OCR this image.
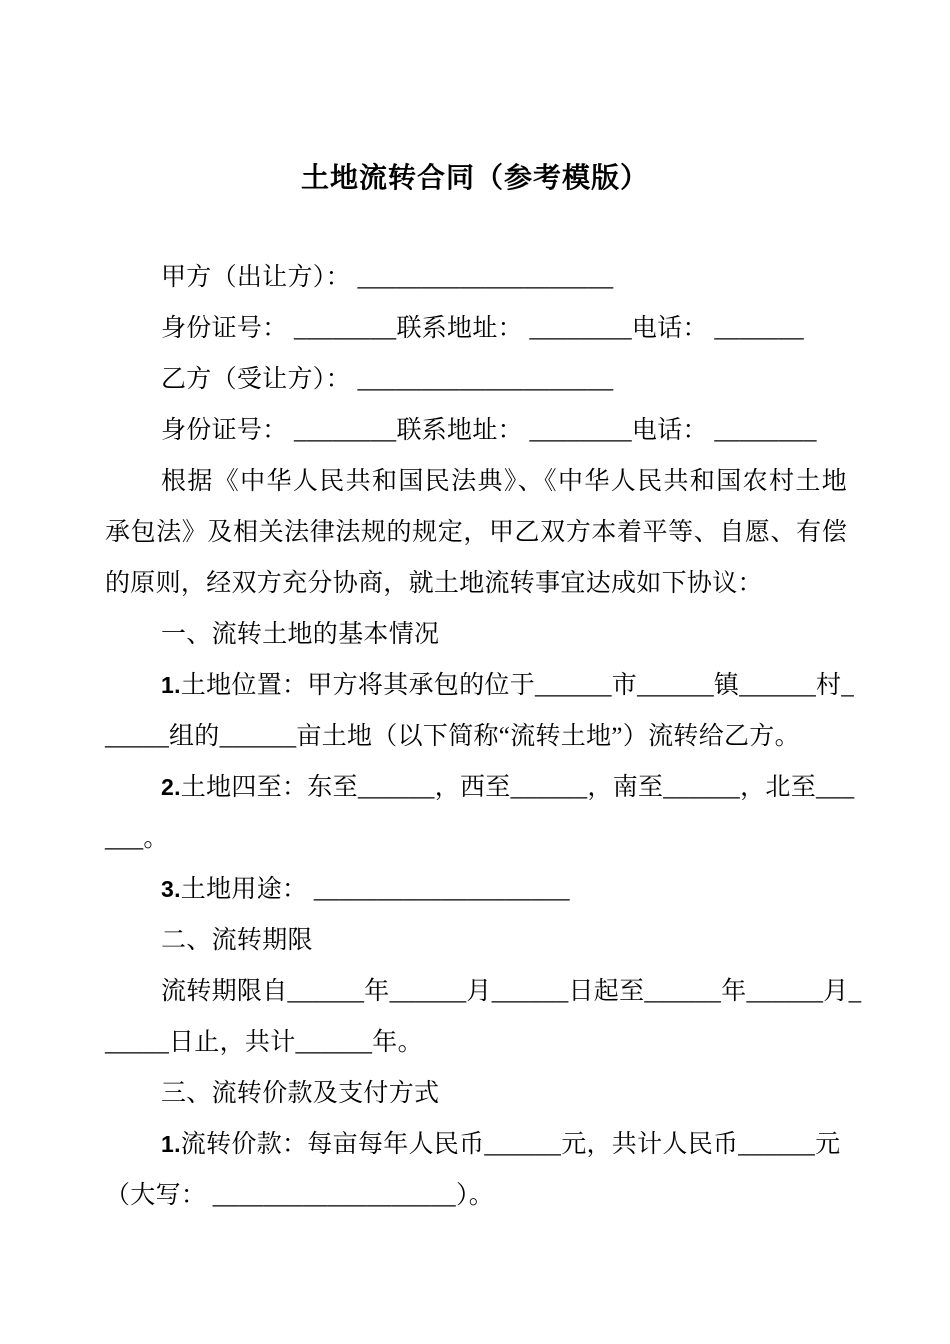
土地流转合同（参考模版）
甲方（出让方）： ____________________
身份证号： ________联系地址： ________电话： _______
乙方（受让方）： ____________________
身份证号： ________联系地址： ________电话： ________
根据《中华人民共和国民法典》、《中华人民共和国农村土地
承包法》及相关法律法规的规定，甲乙双方本着平等、自愿、有偿
的原则，经双方充分协商，就土地流转事宜达成如下协议：
一、流转土地的基本情况
1.土地位置：甲方将其承包的位于______市______镇______村_
_____组的______亩土地（以下简称“流转土地”）流转给乙方。
2.土地四至：东至______，西至______，南至______，北至___
___。
3.土地用途： ____________________
二、流转期限
流转期限自______年______月______日起至______年______月_
_____日止，共计______年。
三、流转价款及支付方式
1.流转价款：每亩每年人民币______元，共计人民币______元
（大写： ___________________）。
